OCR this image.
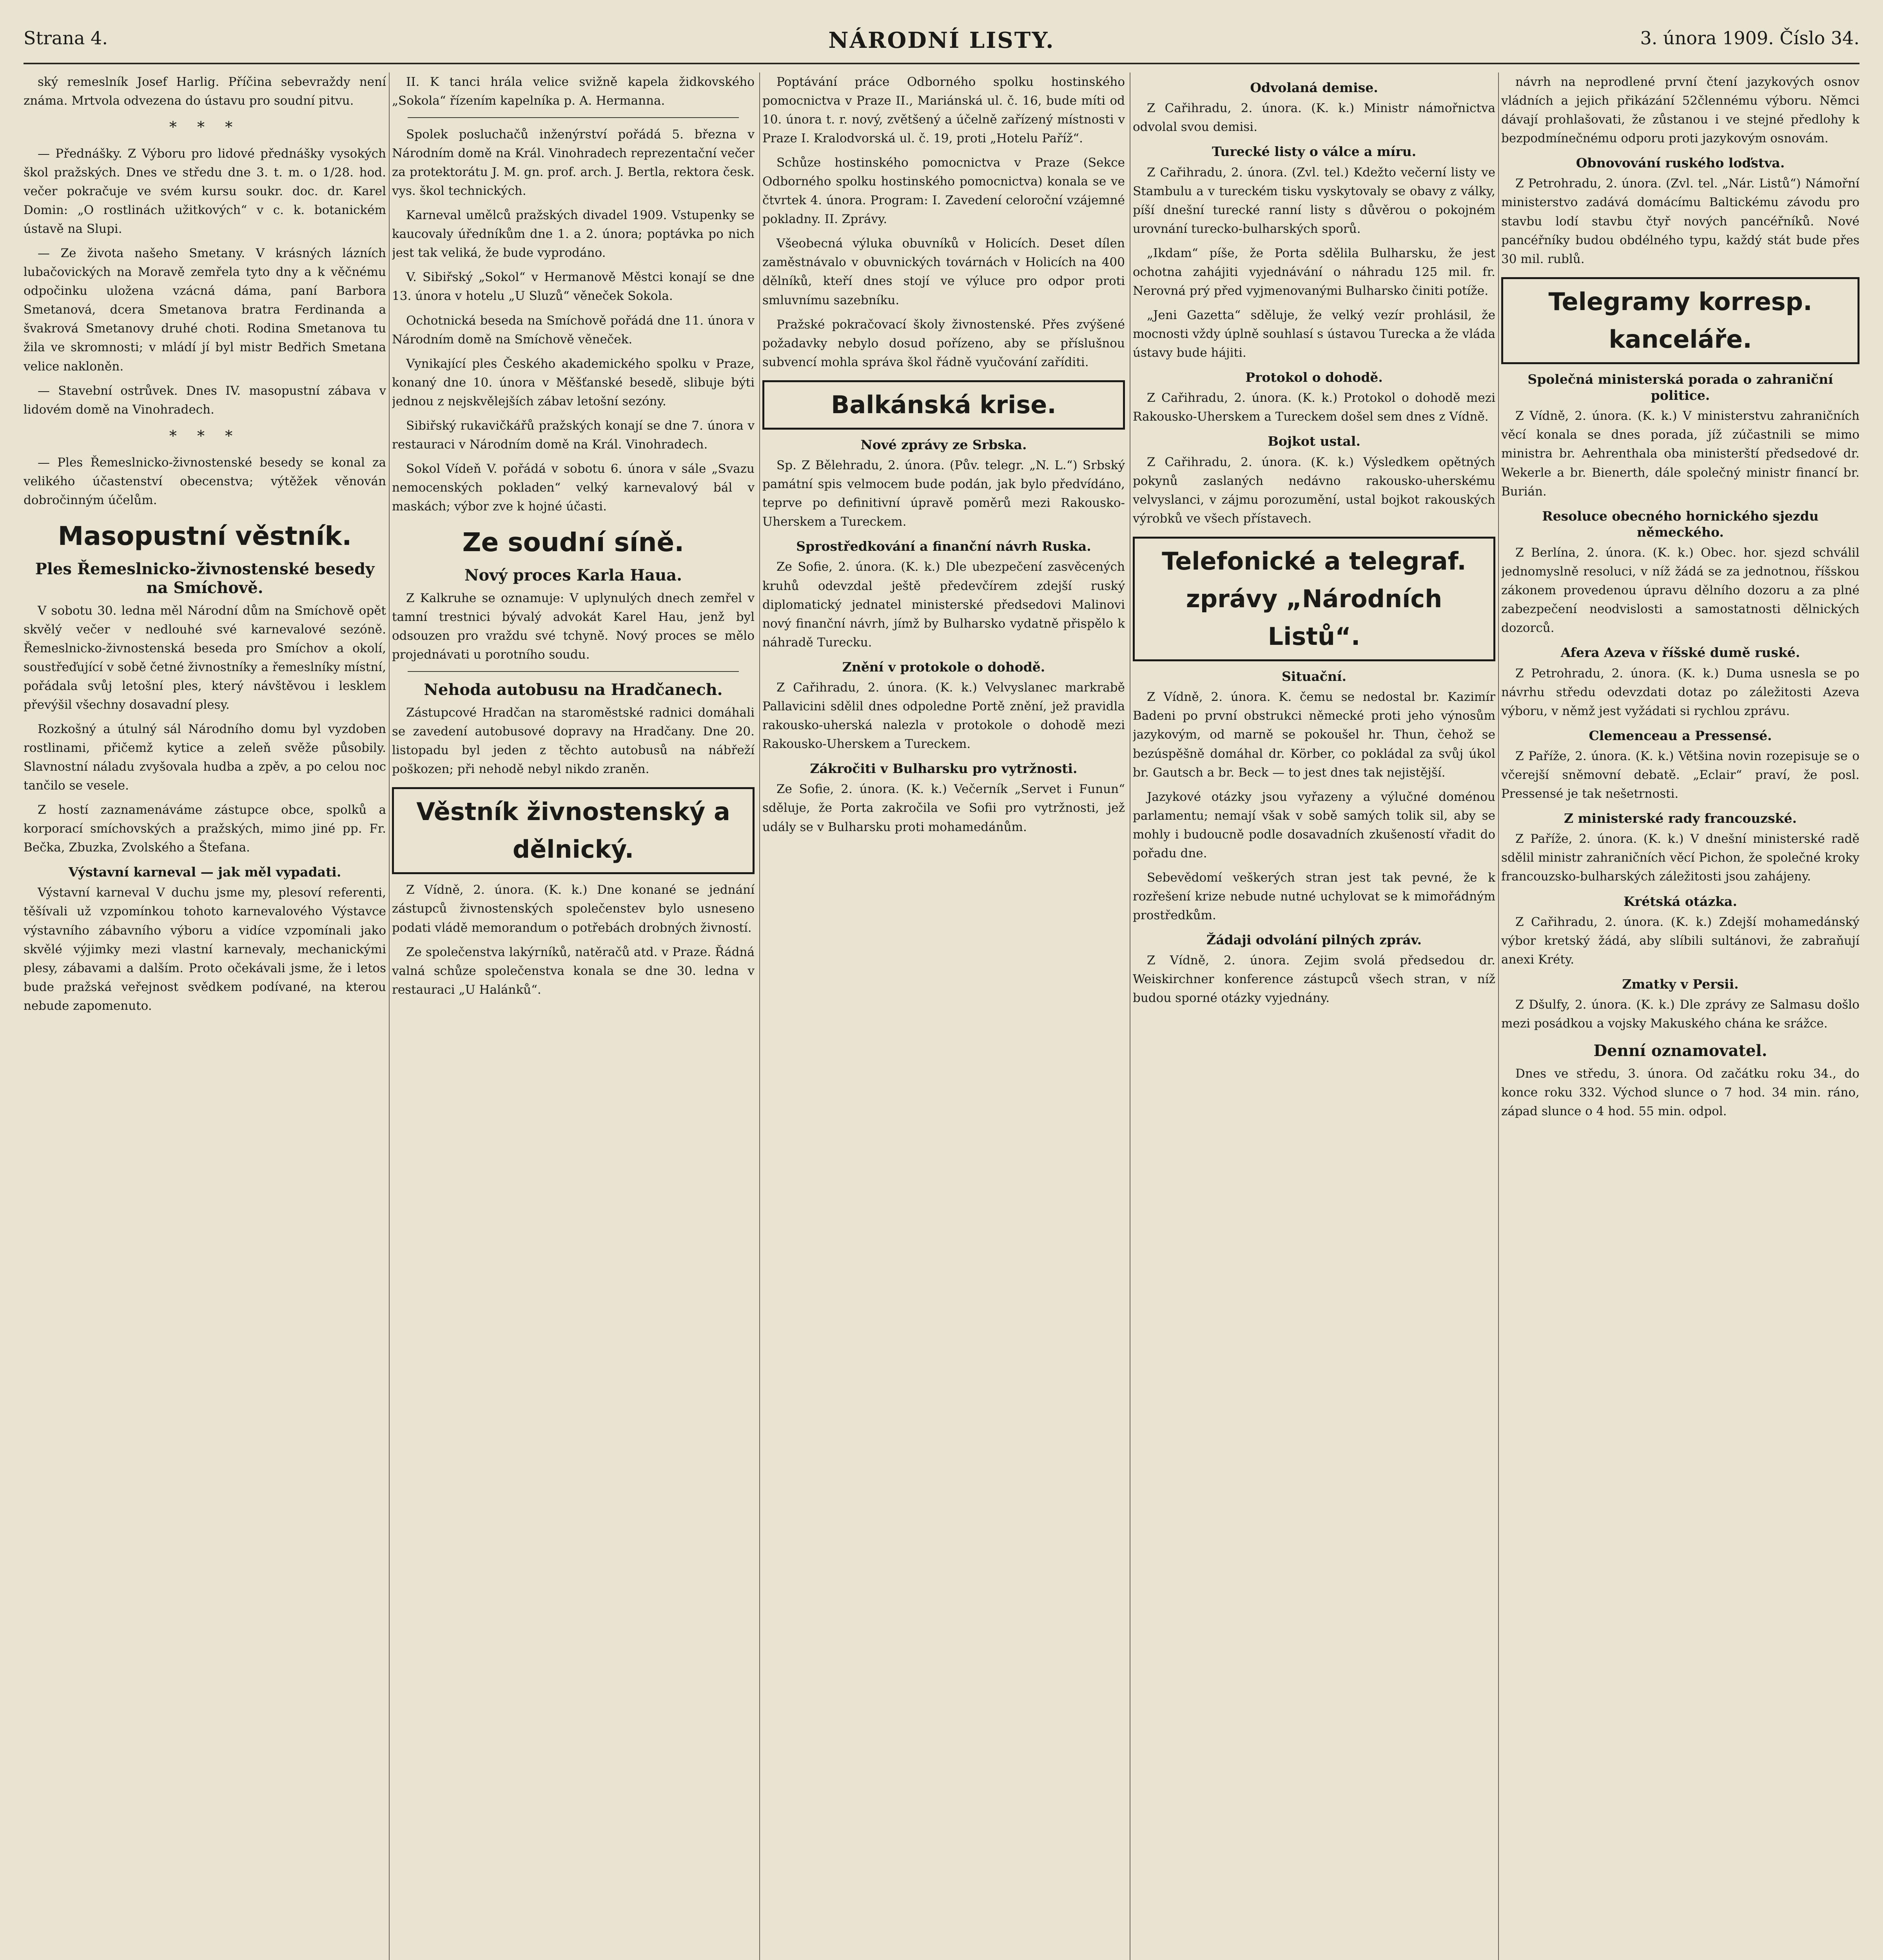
Strana 4.	NÁRODNÍ LISTY.	3. února 1909. Číslo 34.

ský remeslník Josef Harlig. Příčina sebevraždy není známa. Mrtvola odvezena do ústavu pro soudní pitvu.

* * *

— Přednášky. Z Výboru pro lidové přednášky vysokých škol pražských. Dnes ve středu dne 3. t. m. o 1/28. hod. večer pokračuje ve svém kursu soukr. doc. dr. Karel Domin: „O rostlinách užitkových“ v c. k. botanickém ústavě na Slupi.

— Ze života našeho Smetany. V krásných lázních lubačovických na Moravě zemřela tyto dny a k věčnému odpočinku uložena vzácná dáma, paní Barbora Smetanová, dcera Smetanova bratra Ferdinanda a švakrová Smetanovy druhé choti. Rodina Smetanova tu žila ve skromnosti; v mládí jí byl mistr Bedřich Smetana velice nakloněn.

— Stavební ostrůvek. Dnes IV. masopustní zábava v lidovém domě na Vinohradech.

* * *

— Ples Řemeslnicko-živnostenské besedy se konal za velikého účastenství obecenstva; výtěžek věnován dobročinným účelům.

Masopustní věstník.
Ples Řemeslnicko-živnostenské besedy na Smíchově.

V sobotu 30. ledna měl Národní dům na Smíchově opět skvělý večer v nedlouhé své karnevalové sezóně. Řemeslnicko-živnostenská beseda pro Smíchov a okolí, soustřeďující v sobě četné živnostníky a řemeslníky místní, pořádala svůj letošní ples, který návštěvou i lesklem převýšil všechny dosavadní plesy.

Rozkošný a útulný sál Národního domu byl vyzdoben rostlinami, přičemž kytice a zeleň svěže působily. Slavnostní náladu zvyšovala hudba a zpěv, a po celou noc tančilo se vesele.

Z hostí zaznamenáváme zástupce obce, spolků a korporací smíchovských a pražských, mimo jiné pp. Fr. Bečka, Zbuzka, Zvolského a Štefana.

Výstavní karneval — jak měl vypadati.

Výstavní karneval V duchu jsme my, plesoví referenti, těšívali už vzpomínkou tohoto karnevalového Výstavce výstavního zábavního výboru a vidíce vzpomínali jako skvělé výjimky mezi vlastní karnevaly, mechanickými plesy, zábavami a dalším. Proto očekávali jsme, že i letos bude pražská veřejnost svědkem podívané, na kterou nebude zapomenuto.

II. K tanci hrála velice svižně kapela židkovského „Sokola“ řízením kapelníka p. A. Hermanna.

Spolek posluchačů inženýrství pořádá 5. března v Národním domě na Král. Vinohradech reprezentační večer za protektorátu J. M. gn. prof. arch. J. Bertla, rektora česk. vys. škol technických.

Karneval umělců pražských divadel 1909. Vstupenky se kaucovaly úředníkům dne 1. a 2. února; poptávka po nich jest tak veliká, že bude vyprodáno.

V. Sibiřský „Sokol“ v Hermanově Městci konají se dne 13. února v hotelu „U Sluzů“ věneček Sokola.

Ochotnická beseda na Smíchově pořádá dne 11. února v Národním domě na Smíchově věneček.

Vynikající ples Českého akademického spolku v Praze, konaný dne 10. února v Měšťanské besedě, slibuje býti jednou z nejskvělejších zábav letošní sezóny.

Sibiřský rukavičkářů pražských konají se dne 7. února v restauraci v Národním domě na Král. Vinohradech.

Sokol Vídeň V. pořádá v sobotu 6. února v sále „Svazu nemocenských pokladen“ velký karnevalový bál v maskách; výbor zve k hojné účasti.

Ze soudní síně.
Nový proces Karla Haua.

Z Kalkruhe se oznamuje: V uplynulých dnech zemřel v tamní trestnici bývalý advokát Karel Hau, jenž byl odsouzen pro vraždu své tchyně. Nový proces se mělo projednávati u porotního soudu.

Nehoda autobusu na Hradčanech.

Zástupcové Hradčan na staroměstské radnici domáhali se zavedení autobusové dopravy na Hradčany. Dne 20. listopadu byl jeden z těchto autobusů na nábřeží poškozen; při nehodě nebyl nikdo zraněn.

Věstník živnostenský a dělnický.

Z Vídně, 2. února. (K. k.) Dne konané se jednání zástupců živnostenských společenstev bylo usneseno podati vládě memorandum o potřebách drobných živností.

Ze společenstva lakýrníků, natěračů atd. v Praze. Řádná valná schůze společenstva konala se dne 30. ledna v restauraci „U Halánků“.

Poptávání práce Odborného spolku hostinského pomocnictva v Praze II., Mariánská ul. č. 16, bude míti od 10. února t. r. nový, zvětšený a účelně zařízený místnosti v Praze I. Kralodvorská ul. č. 19, proti „Hotelu Paříž“.

Schůze hostinského pomocnictva v Praze (Sekce Odborného spolku hostinského pomocnictva) konala se ve čtvrtek 4. února. Program: I. Zavedení celoroční vzájemné pokladny. II. Zprávy.

Všeobecná výluka obuvníků v Holicích. Deset dílen zaměstnávalo v obuvnických továrnách v Holicích na 400 dělníků, kteří dnes stojí ve výluce pro odpor proti smluvnímu sazebníku.

Pražské pokračovací školy živnostenské. Přes zvýšené požadavky nebylo dosud pořízeno, aby se příslušnou subvencí mohla správa škol řádně vyučování zaříditi.

Balkánská krise.
Nové zprávy ze Srbska.

Sp. Z Bělehradu, 2. února. (Pův. telegr. „N. L.“) Srbský památní spis velmocem bude podán, jak bylo předvídáno, teprve po definitivní úpravě poměrů mezi Rakousko-Uherskem a Tureckem.

Sprostředkování a finanční návrh Ruska.

Ze Sofie, 2. února. (K. k.) Dle ubezpečení zasvěcených kruhů odevzdal ještě předevčírem zdejší ruský diplomatický jednatel ministerské předsedovi Malinovi nový finanční návrh, jímž by Bulharsko vydatně přispělo k náhradě Turecku.

Znění v protokole o dohodě.

Z Cařihradu, 2. února. (K. k.) Velvyslanec markrabě Pallavicini sdělil dnes odpoledne Portě znění, jež pravidla rakousko-uherská nalezla v protokole o dohodě mezi Rakousko-Uherskem a Tureckem.

Zákročiti v Bulharsku pro vytržnosti.

Ze Sofie, 2. února. (K. k.) Večerník „Servet i Funun“ sděluje, že Porta zakročila ve Sofii pro vytržnosti, jež udály se v Bulharsku proti mohamedánům.

Odvolaná demise.

Z Cařihradu, 2. února. (K. k.) Ministr námořnictva odvolal svou demisi.

Turecké listy o válce a míru.

Z Cařihradu, 2. února. (Zvl. tel.) Kdežto večerní listy ve Stambulu a v tureckém tisku vyskytovaly se obavy z války, píší dnešní turecké ranní listy s důvěrou o pokojném urovnání turecko-bulharských sporů.

„Ikdam“ píše, že Porta sdělila Bulharsku, že jest ochotna zahájiti vyjednávání o náhradu 125 mil. fr. Nerovná prý před vyjmenovanými Bulharsko činiti potíže.

„Jeni Gazetta“ sděluje, že velký vezír prohlásil, že mocnosti vždy úplně souhlasí s ústavou Turecka a že vláda ústavy bude hájiti.

Protokol o dohodě.

Z Cařihradu, 2. února. (K. k.) Protokol o dohodě mezi Rakousko-Uherskem a Tureckem došel sem dnes z Vídně.

Bojkot ustal.

Z Cařihradu, 2. února. (K. k.) Výsledkem opětných pokynů zaslaných nedávno rakousko-uherskému velvyslanci, v zájmu porozumění, ustal bojkot rakouských výrobků ve všech přístavech.

Telefonické a telegraf. zprávy „Národních Listů“.
Situační.

Z Vídně, 2. února. K. čemu se nedostal br. Kazimír Badeni po první obstrukci německé proti jeho výnosům jazykovým, od marně se pokoušel hr. Thun, čehož se bezúspěšně domáhal dr. Körber, co pokládal za svůj úkol br. Gautsch a br. Beck — to jest dnes tak nejistější.

Jazykové otázky jsou vyřazeny a výlučné doménou parlamentu; nemají však v sobě samých tolik sil, aby se mohly i budoucně podle dosavadních zkušeností vřadit do pořadu dne.

Sebevědomí veškerých stran jest tak pevné, že k rozřešení krize nebude nutné uchylovat se k mimořádným prostředkům.

Žádaji odvolání pilných zpráv.

Z Vídně, 2. února. Zejim svolá předsedou dr. Weiskirchner konference zástupců všech stran, v níž budou sporné otázky vyjednány.

návrh na neprodlené první čtení jazykových osnov vládních a jejich přikázání 52člennému výboru. Němci dávají prohlašovati, že zůstanou i ve stejné předlohy k bezpodmínečnému odporu proti jazykovým osnovám.

Obnovování ruského loďstva.

Z Petrohradu, 2. února. (Zvl. tel. „Nár. Listů“) Námořní ministerstvo zadává domácímu Baltickému závodu pro stavbu lodí stavbu čtyř nových pancéřníků. Nové pancéřníky budou obdélného typu, každý stát bude přes 30 mil. rublů.

Telegramy korresp. kanceláře.
Společná ministerská porada o zahraniční politice.

Z Vídně, 2. února. (K. k.) V ministerstvu zahraničních věcí konala se dnes porada, jíž zúčastnili se mimo ministra br. Aehrenthala oba ministerští předsedové dr. Wekerle a br. Bienerth, dále společný ministr financí br. Burián.

Resoluce obecného hornického sjezdu německého.

Z Berlína, 2. února. (K. k.) Obec. hor. sjezd schválil jednomyslně resoluci, v níž žádá se za jednotnou, říšskou zákonem provedenou úpravu dělního dozoru a za plné zabezpečení neodvislosti a samostatnosti dělnických dozorců.

Afera Azeva v říšské dumě ruské.

Z Petrohradu, 2. února. (K. k.) Duma usnesla se po návrhu středu odevzdati dotaz po záležitosti Azeva výboru, v němž jest vyžádati si rychlou zprávu.

Clemenceau a Pressensé.

Z Paříže, 2. února. (K. k.) Většina novin rozepisuje se o včerejší sněmovní debatě. „Eclair“ praví, že posl. Pressensé je tak nešetrnosti.

Z ministerské rady francouzské.

Z Paříže, 2. února. (K. k.) V dnešní ministerské radě sdělil ministr zahraničních věcí Pichon, že společné kroky francouzsko-bulharských záležitosti jsou zahájeny.

Krétská otázka.

Z Cařihradu, 2. února. (K. k.) Zdejší mohamedánský výbor kretský žádá, aby slíbili sultánovi, že zabraňují anexi Kréty.

Zmatky v Persii.

Z Dšulfy, 2. února. (K. k.) Dle zprávy ze Salmasu došlo mezi posádkou a vojsky Makuského chána ke srážce.

Denní oznamovatel.

Dnes ve středu, 3. února. Od začátku roku 34., do konce roku 332. Východ slunce o 7 hod. 34 min. ráno, západ slunce o 4 hod. 55 min. odpol.
